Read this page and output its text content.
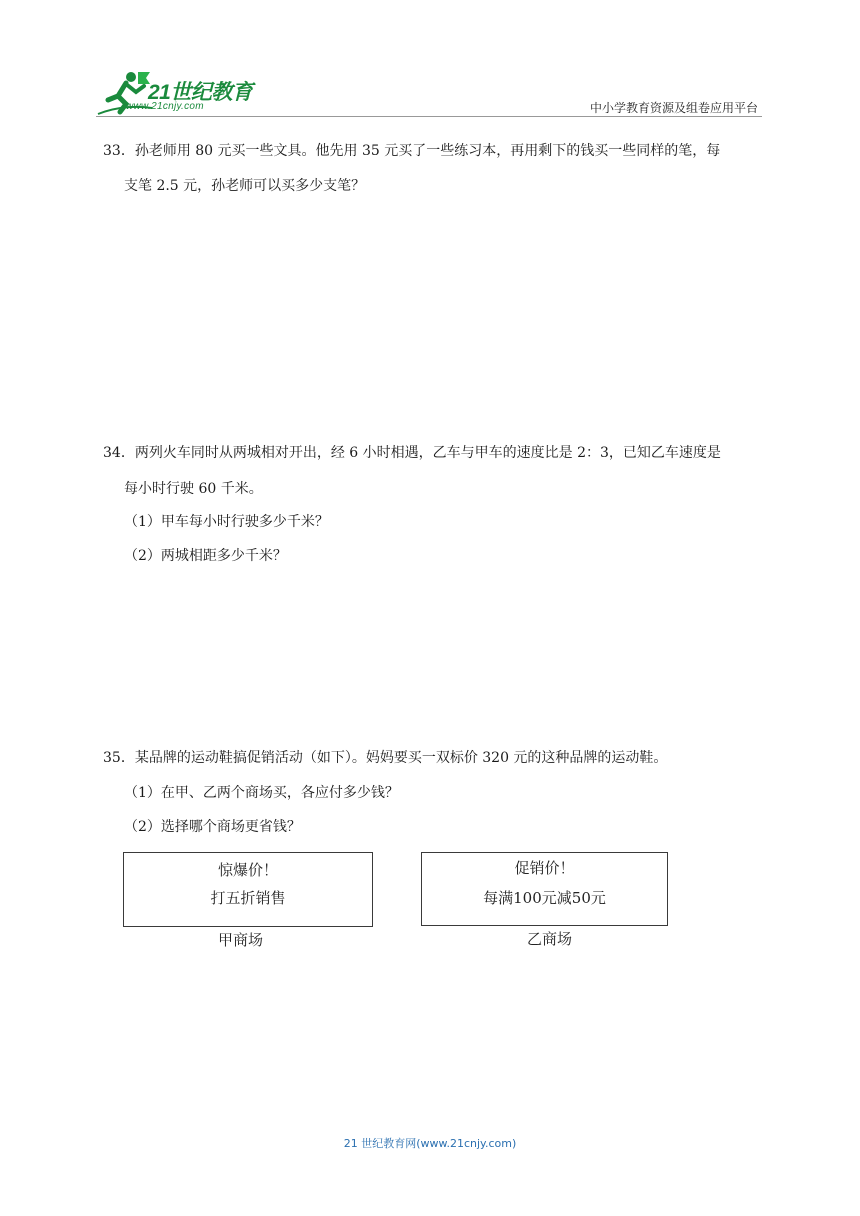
21世纪教育
www.21cnjy.com	中小学教育资源及组卷应用平台
33．孙老师用 80 元买一些文具。他先用 35 元买了一些练习本，再用剩下的钱买一些同样的笔，每
支笔 2.5 元，孙老师可以买多少支笔？
34．两列火车同时从两城相对开出，经 6 小时相遇，乙车与甲车的速度比是 2：3，已知乙车速度是
每小时行驶 60 千米。
（1）甲车每小时行驶多少千米？
（2）两城相距多少千米？
35．某品牌的运动鞋搞促销活动（如下）。妈妈要买一双标价 320 元的这种品牌的运动鞋。
（1）在甲、乙两个商场买，各应付多少钱？
（2）选择哪个商场更省钱？
惊爆价！
打五折销售
甲商场
促销价！
每满100元减50元
乙商场
21 世纪教育网(www.21cnjy.com)
